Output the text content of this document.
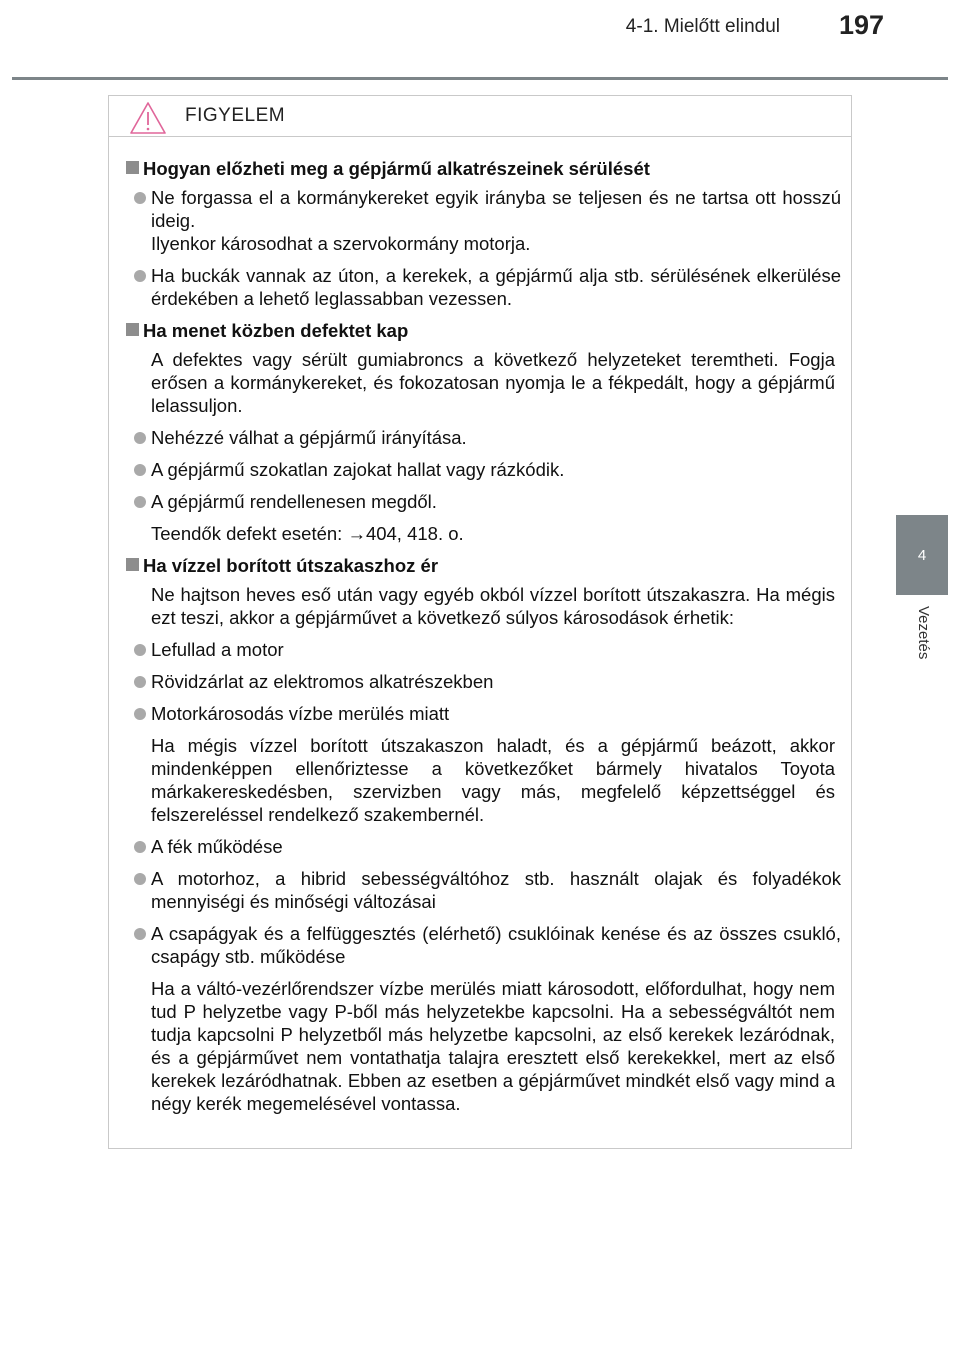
4-1. Mielőtt elindul 197
4
Vezetés
FIGYELEM
Hogyan előzheti meg a gépjármű alkatrészeinek sérülését
Ne forgassa el a kormánykereket egyik irányba se teljesen és ne tartsa ott hosszú ideig.
Ilyenkor károsodhat a szervokormány motorja.
Ha buckák vannak az úton, a kerekek, a gépjármű alja stb. sérülésének elkerülése érdekében a lehető leglassabban vezessen.
Ha menet közben defektet kap
A defektes vagy sérült gumiabroncs a következő helyzeteket teremtheti. Fogja erősen a kormánykereket, és fokozatosan nyomja le a fékpedált, hogy a gépjármű lelassuljon.
Nehézzé válhat a gépjármű irányítása.
A gépjármű szokatlan zajokat hallat vagy rázkódik.
A gépjármű rendellenesen megdől.
Teendők defekt esetén: →404, 418. o.
Ha vízzel borított útszakaszhoz ér
Ne hajtson heves eső után vagy egyéb okból vízzel borított útszakaszra. Ha mégis ezt teszi, akkor a gépjárművet a következő súlyos károsodások érhetik:
Lefullad a motor
Rövidzárlat az elektromos alkatrészekben
Motorkárosodás vízbe merülés miatt
Ha mégis vízzel borított útszakaszon haladt, és a gépjármű beázott, akkor mindenképpen ellenőriztesse a következőket bármely hivatalos Toyota márkakereskedésben, szervizben vagy más, megfelelő képzettséggel és felszereléssel rendelkező szakembernél.
A fék működése
A motorhoz, a hibrid sebességváltóhoz stb. használt olajak és folyadékok mennyiségi és minőségi változásai
A csapágyak és a felfüggesztés (elérhető) csuklóinak kenése és az összes csukló, csapágy stb. működése
Ha a váltó-vezérlőrendszer vízbe merülés miatt károsodott, előfordulhat, hogy nem tud P helyzetbe vagy P-ből más helyzetekbe kapcsolni. Ha a sebességváltót nem tudja kapcsolni P helyzetből más helyzetbe kapcsolni, az első kerekek lezáródnak, és a gépjárművet nem vontathatja talajra eresztett első kerekekkel, mert az első kerekek lezáródhatnak. Ebben az esetben a gépjárművet mindkét első vagy mind a négy kerék megemelésével vontassa.
